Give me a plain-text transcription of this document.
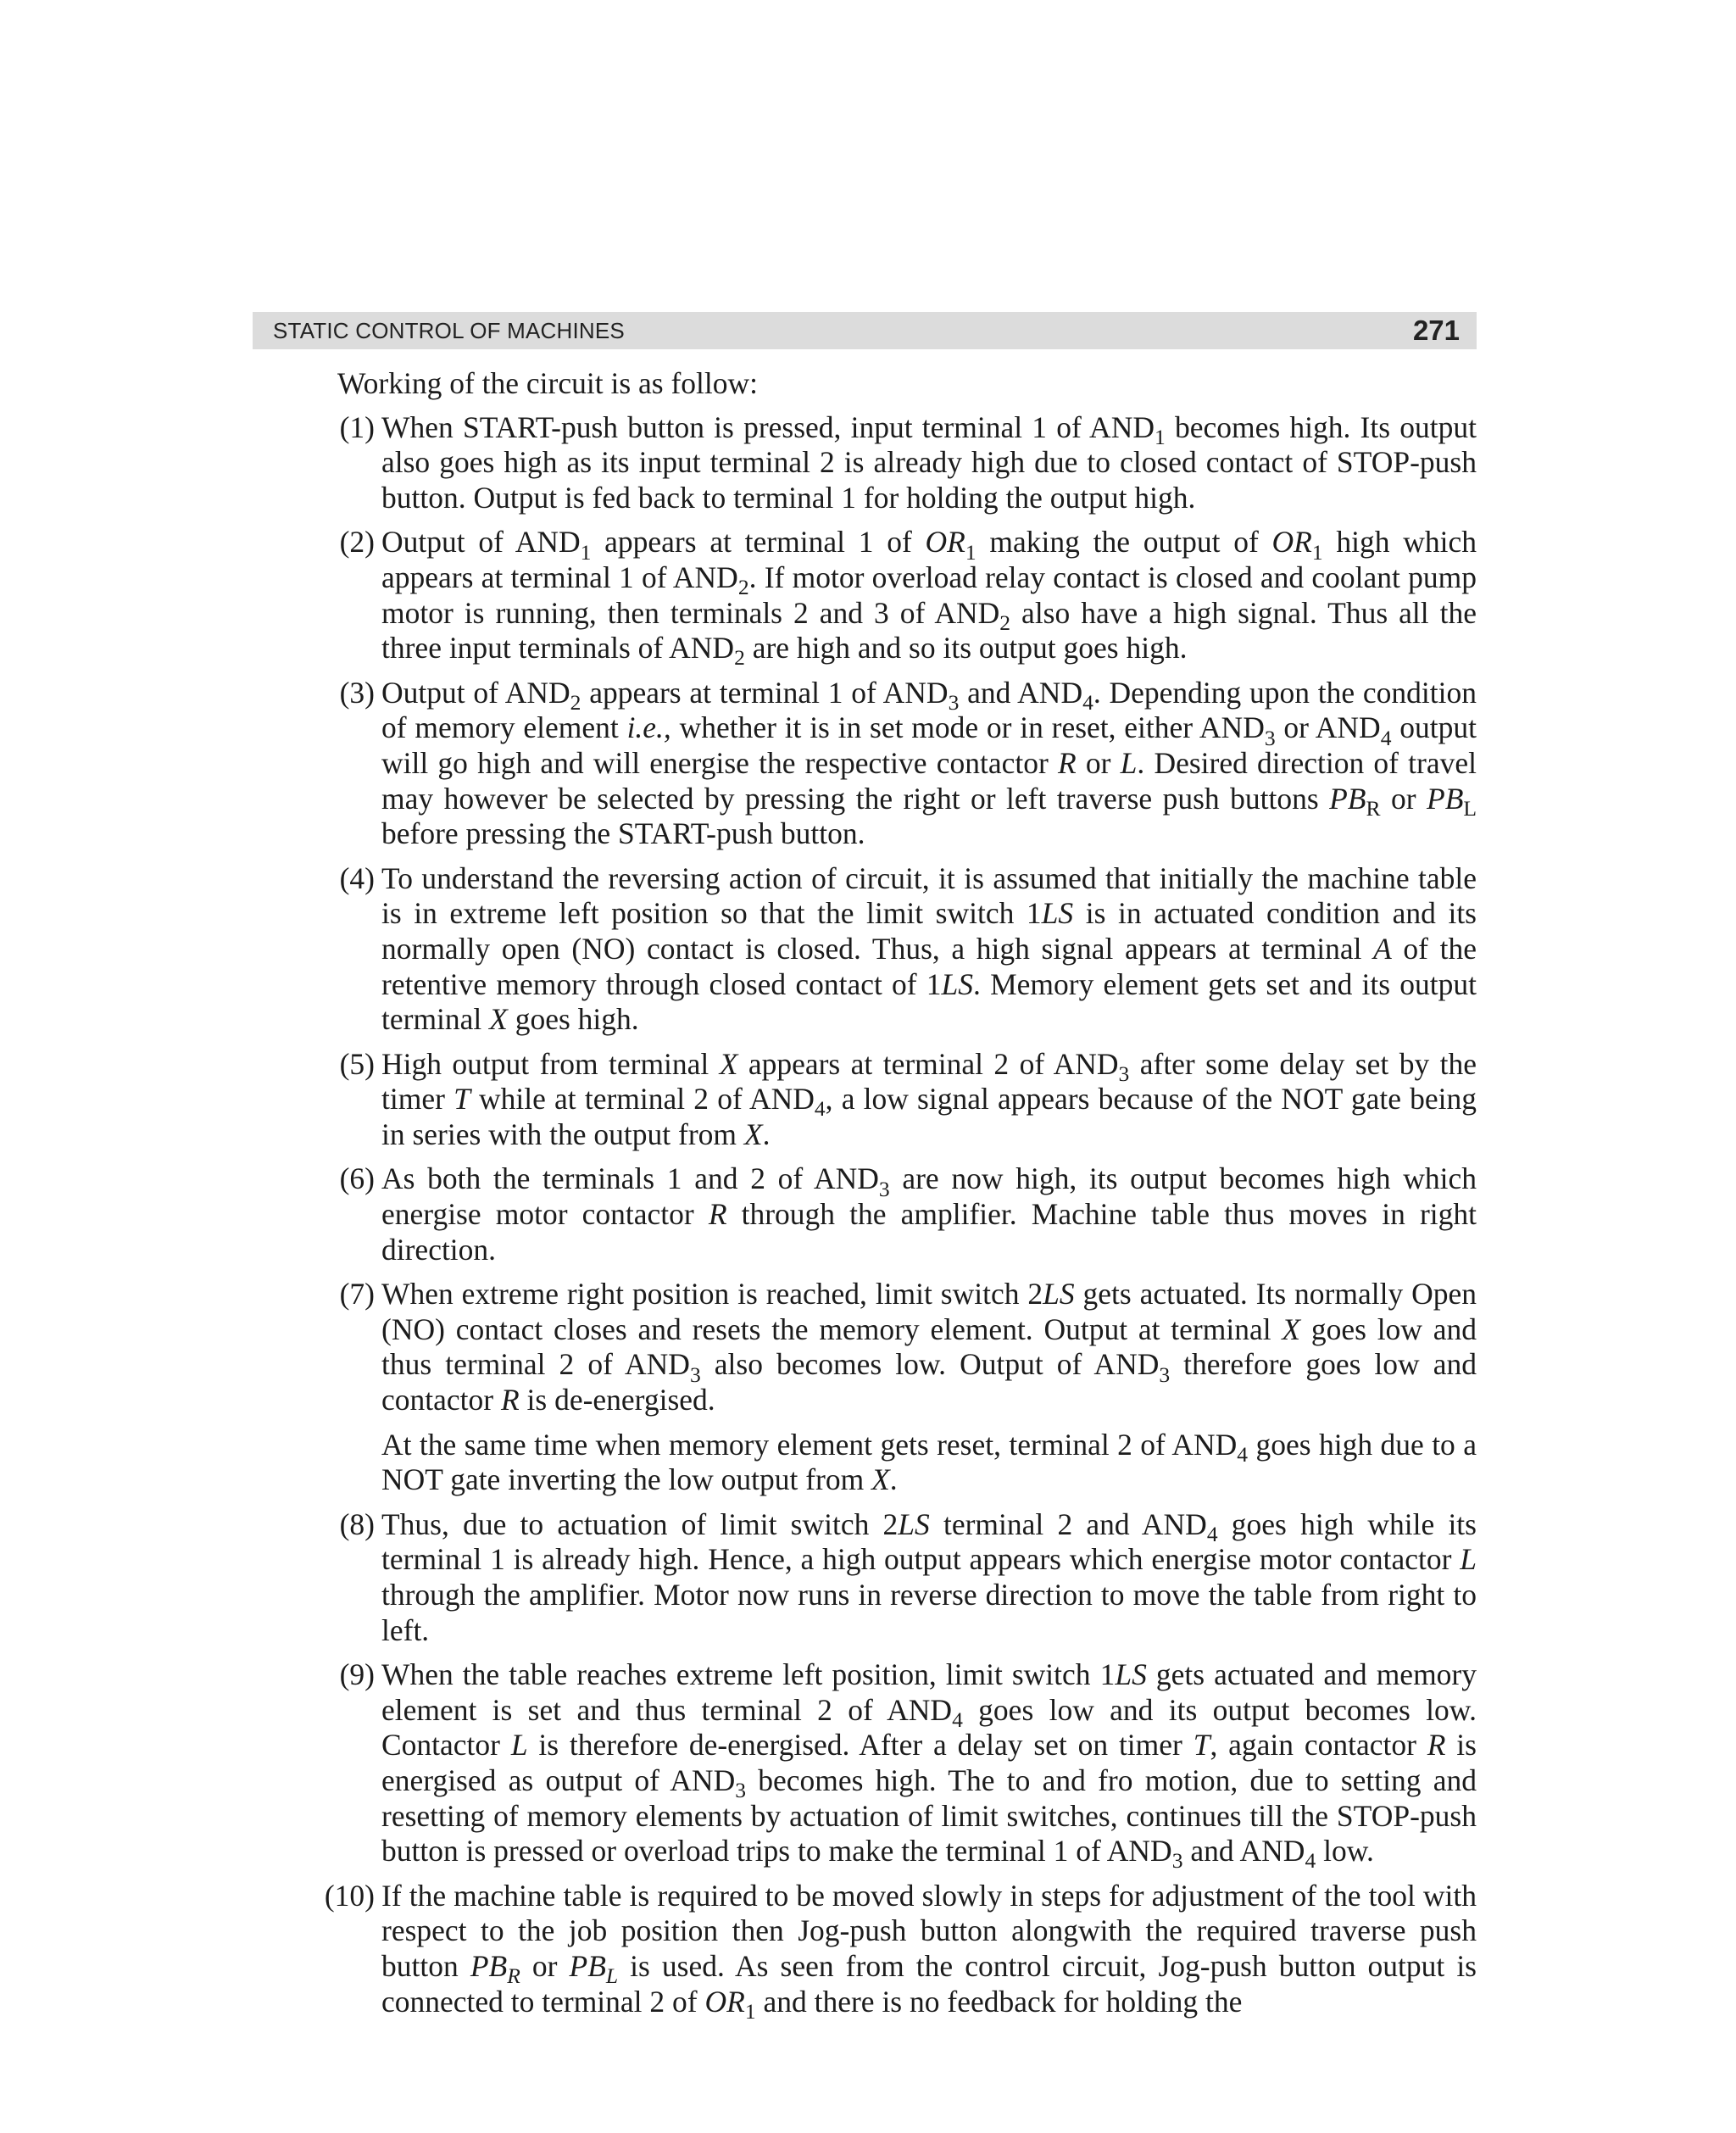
STATIC CONTROL OF MACHINES	271

Working of the circuit is as follow:

(1) When START-push button is pressed, input terminal 1 of $AND_1$ becomes high. Its output also goes high as its input terminal 2 is already high due to closed contact of STOP-push button. Output is fed back to terminal 1 for holding the output high.

(2) Output of $AND_1$ appears at terminal 1 of $OR_1$ making the output of $OR_1$ high which appears at terminal 1 of $AND_2$. If motor overload relay contact is closed and coolant pump motor is running, then terminals 2 and 3 of $AND_2$ also have a high signal. Thus all the three input terminals of $AND_2$ are high and so its output goes high.

(3) Output of $AND_2$ appears at terminal 1 of $AND_3$ and $AND_4$. Depending upon the condition of memory element i.e., whether it is in set mode or in reset, either $AND_3$ or $AND_4$ output will go high and will energise the respective contactor R or L. Desired direction of travel may however be selected by pressing the right or left traverse push buttons $PB_R$ or $PB_L$ before pressing the START-push button.

(4) To understand the reversing action of circuit, it is assumed that initially the machine table is in extreme left position so that the limit switch 1LS is in actuated condition and its normally open (NO) contact is closed. Thus, a high signal appears at terminal A of the retentive memory through closed contact of 1LS. Memory element gets set and its output terminal X goes high.

(5) High output from terminal X appears at terminal 2 of $AND_3$ after some delay set by the timer T while at terminal 2 of $AND_4$, a low signal appears because of the NOT gate being in series with the output from X.

(6) As both the terminals 1 and 2 of $AND_3$ are now high, its output becomes high which energise motor contactor R through the amplifier. Machine table thus moves in right direction.

(7) When extreme right position is reached, limit switch 2LS gets actuated. Its normally Open (NO) contact closes and resets the memory element. Output at terminal X goes low and thus terminal 2 of $AND_3$ also becomes low. Output of $AND_3$ therefore goes low and contactor R is de-energised.

At the same time when memory element gets reset, terminal 2 of $AND_4$ goes high due to a NOT gate inverting the low output from X.

(8) Thus, due to actuation of limit switch 2LS terminal 2 and $AND_4$ goes high while its terminal 1 is already high. Hence, a high output appears which energise motor contactor L through the amplifier. Motor now runs in reverse direction to move the table from right to left.

(9) When the table reaches extreme left position, limit switch 1LS gets actuated and memory element is set and thus terminal 2 of $AND_4$ goes low and its output becomes low. Contactor L is therefore de-energised. After a delay set on timer T, again contactor R is energised as output of $AND_3$ becomes high. The to and fro motion, due to setting and resetting of memory elements by actuation of limit switches, continues till the STOP-push button is pressed or overload trips to make the terminal 1 of $AND_3$ and $AND_4$ low.

(10) If the machine table is required to be moved slowly in steps for adjustment of the tool with respect to the job position then Jog-push button alongwith the required traverse push button $PB_R$ or $PB_L$ is used. As seen from the control circuit, Jog-push button output is connected to terminal 2 of $OR_1$ and there is no feedback for holding the
